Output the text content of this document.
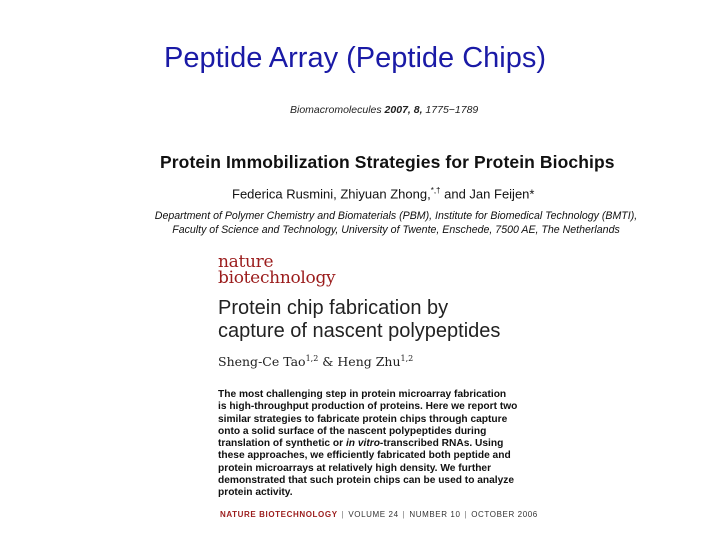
Peptide Array (Peptide Chips)
Biomacromolecules 2007, 8, 1775−1789
Protein Immobilization Strategies for Protein Biochips
Federica Rusmini, Zhiyuan Zhong,*,† and Jan Feijen*
Department of Polymer Chemistry and Biomaterials (PBM), Institute for Biomedical Technology (BMTI),
Faculty of Science and Technology, University of Twente, Enschede, 7500 AE, The Netherlands
nature
biotechnology
Protein chip fabrication by
capture of nascent polypeptides
Sheng-Ce Tao$^{1,2}$ & Heng Zhu$^{1,2}$
The most challenging step in protein microarray fabrication
is high-throughput production of proteins. Here we report two
similar strategies to fabricate protein chips through capture
onto a solid surface of the nascent polypeptides during
translation of synthetic or in vitro-transcribed RNAs. Using
these approaches, we efficiently fabricated both peptide and
protein microarrays at relatively high density. We further
demonstrated that such protein chips can be used to analyze
protein activity.
NATURE BIOTECHNOLOGY | VOLUME 24 | NUMBER 10 | OCTOBER 2006
